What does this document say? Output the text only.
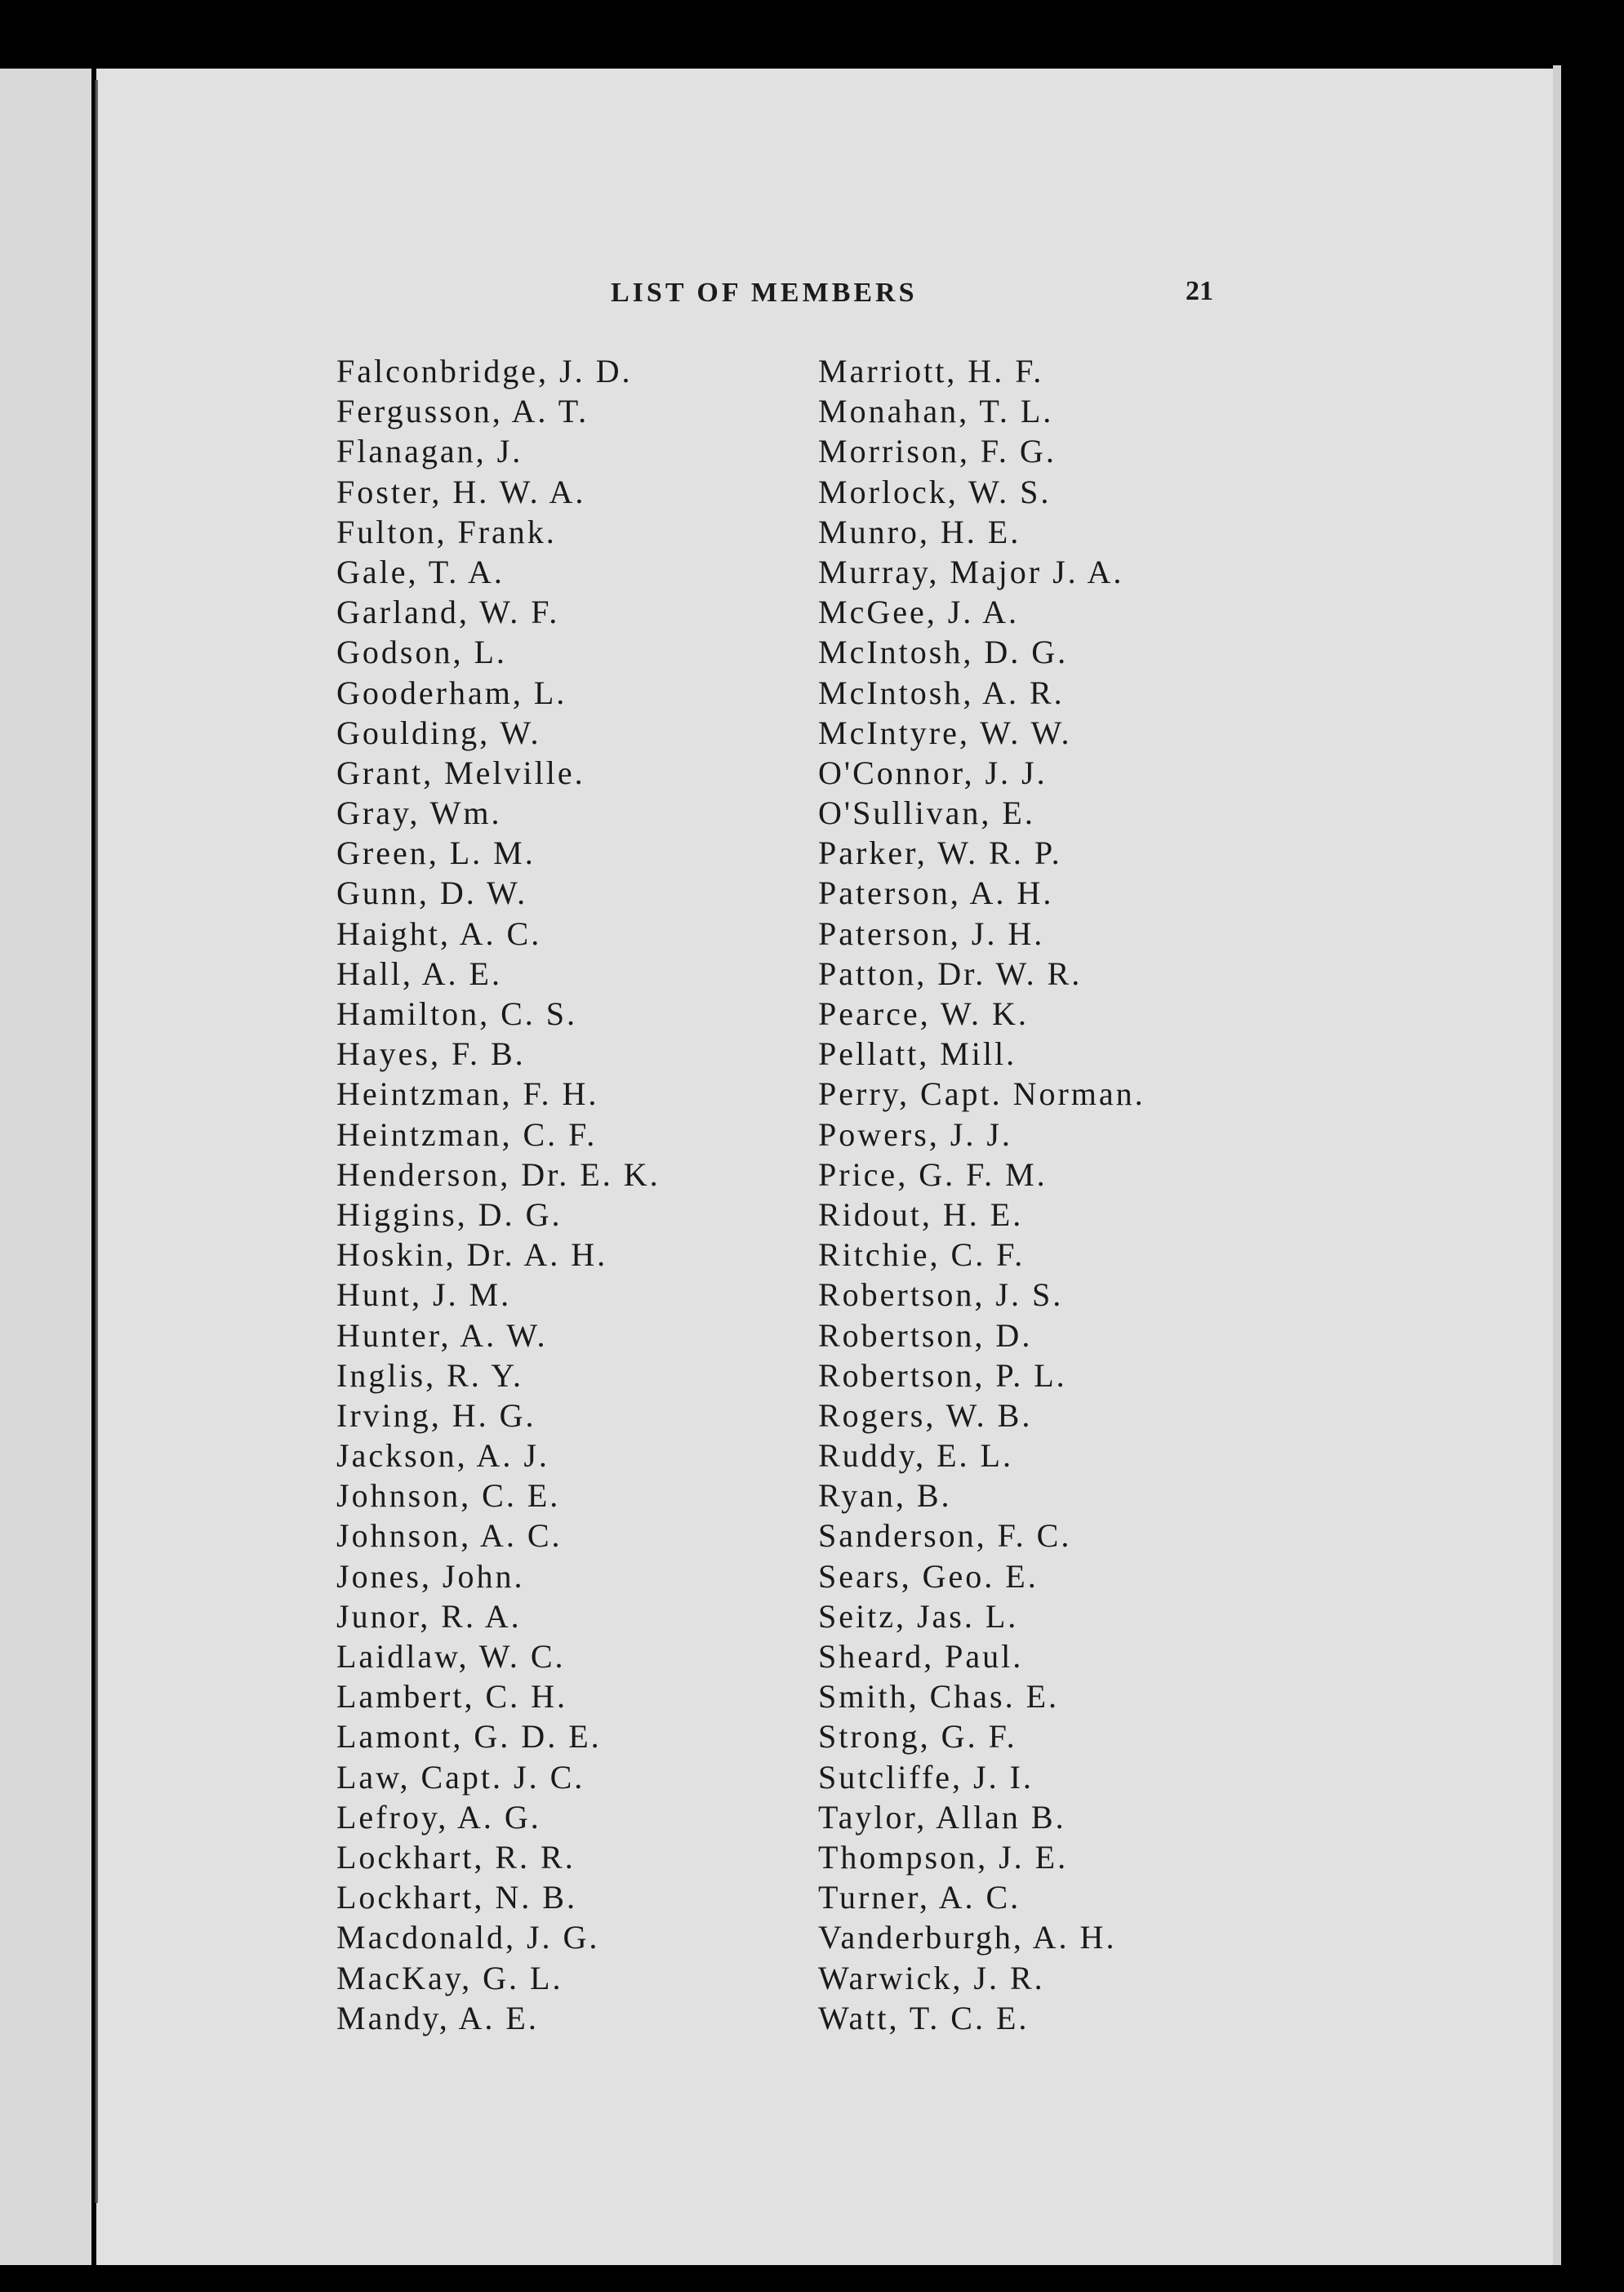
LIST OF MEMBERS	21
Falconbridge, J. D.
Fergusson, A. T.
Flanagan, J.
Foster, H. W. A.
Fulton, Frank.
Gale, T. A.
Garland, W. F.
Godson, L.
Gooderham, L.
Goulding, W.
Grant, Melville.
Gray, Wm.
Green, L. M.
Gunn, D. W.
Haight, A. C.
Hall, A. E.
Hamilton, C. S.
Hayes, F. B.
Heintzman, F. H.
Heintzman, C. F.
Henderson, Dr. E. K.
Higgins, D. G.
Hoskin, Dr. A. H.
Hunt, J. M.
Hunter, A. W.
Inglis, R. Y.
Irving, H. G.
Jackson, A. J.
Johnson, C. E.
Johnson, A. C.
Jones, John.
Junor, R. A.
Laidlaw, W. C.
Lambert, C. H.
Lamont, G. D. E.
Law, Capt. J. C.
Lefroy, A. G.
Lockhart, R. R.
Lockhart, N. B.
Macdonald, J. G.
MacKay, G. L.
Mandy, A. E.
Marriott, H. F.
Monahan, T. L.
Morrison, F. G.
Morlock, W. S.
Munro, H. E.
Murray, Major J. A.
McGee, J. A.
McIntosh, D. G.
McIntosh, A. R.
McIntyre, W. W.
O'Connor, J. J.
O'Sullivan, E.
Parker, W. R. P.
Paterson, A. H.
Paterson, J. H.
Patton, Dr. W. R.
Pearce, W. K.
Pellatt, Mill.
Perry, Capt. Norman.
Powers, J. J.
Price, G. F. M.
Ridout, H. E.
Ritchie, C. F.
Robertson, J. S.
Robertson, D.
Robertson, P. L.
Rogers, W. B.
Ruddy, E. L.
Ryan, B.
Sanderson, F. C.
Sears, Geo. E.
Seitz, Jas. L.
Sheard, Paul.
Smith, Chas. E.
Strong, G. F.
Sutcliffe, J. I.
Taylor, Allan B.
Thompson, J. E.
Turner, A. C.
Vanderburgh, A. H.
Warwick, J. R.
Watt, T. C. E.
